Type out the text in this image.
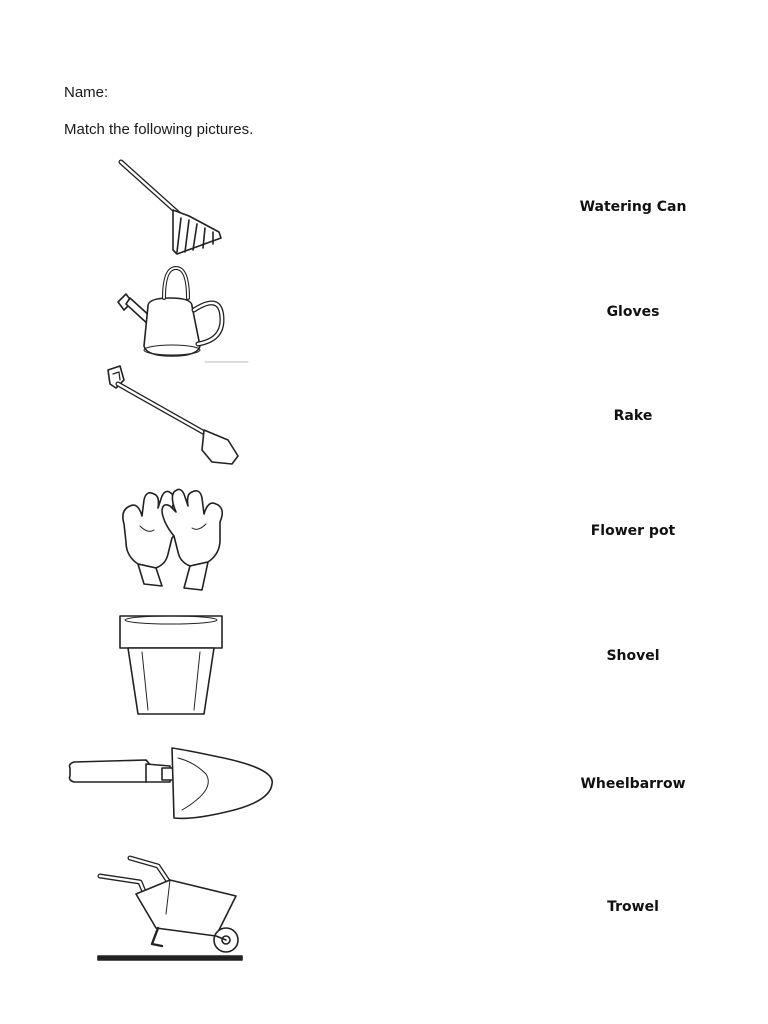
Name:
Match the following pictures.
Watering Can
Gloves
Rake
Flower pot
Shovel
Wheelbarrow
Trowel
